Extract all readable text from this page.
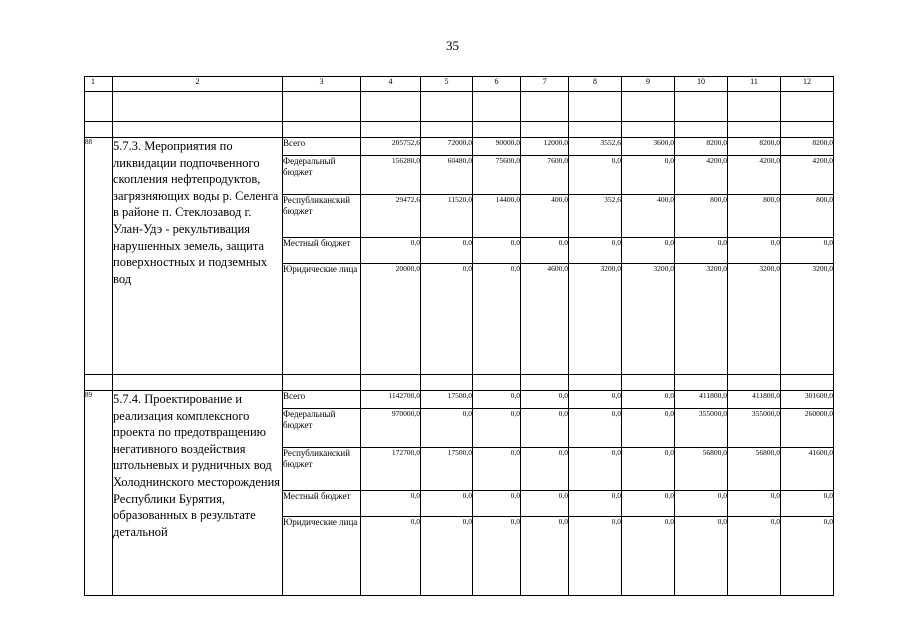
35
1	2	3	4	5	6	7	8	9	10	11	12

88	5.7.3. Мероприятия по ликвидации подпочвенного скопления нефтепродуктов, загрязняющих воды р. Селенга в районе п. Стеклозавод г. Улан-Удэ - рекультивация нарушенных земель, защита поверхностных и подземных вод	Всего	205752,6	72000,0	90000,0	12000,0	3552,6	3600,0	8200,0	8200,0	8200,0
		Федеральный бюджет	156280,0	60480,0	75600,0	7600,0	0,0	0,0	4200,0	4200,0	4200,0
		Республиканский бюджет	29472,6	11520,0	14400,0	400,0	352,6	400,0	800,0	800,0	800,0
		Местный бюджет	0,0	0,0	0,0	0,0	0,0	0,0	0,0	0,0	0,0
		Юридические лица	20000,0	0,0	0,0	4600,0	3200,0	3200,0	3200,0	3200,0	3200,0

89	5.7.4. Проектирование и реализация комплексного проекта по предотвращению негативного воздействия штольневых и рудничных вод Холоднинского месторождения Республики Бурятия, образованных в результате детальной	Всего	1142700,0	17500,0	0,0	0,0	0,0	0,0	411800,0	411800,0	301600,0
		Федеральный бюджет	970000,0	0,0	0,0	0,0	0,0	0,0	355000,0	355000,0	260000,0
		Республиканский бюджет	172700,0	17500,0	0,0	0,0	0,0	0,0	56800,0	56800,0	41600,0
		Местный бюджет	0,0	0,0	0,0	0,0	0,0	0,0	0,0	0,0	0,0
		Юридические лица	0,0	0,0	0,0	0,0	0,0	0,0	0,0	0,0	0,0
